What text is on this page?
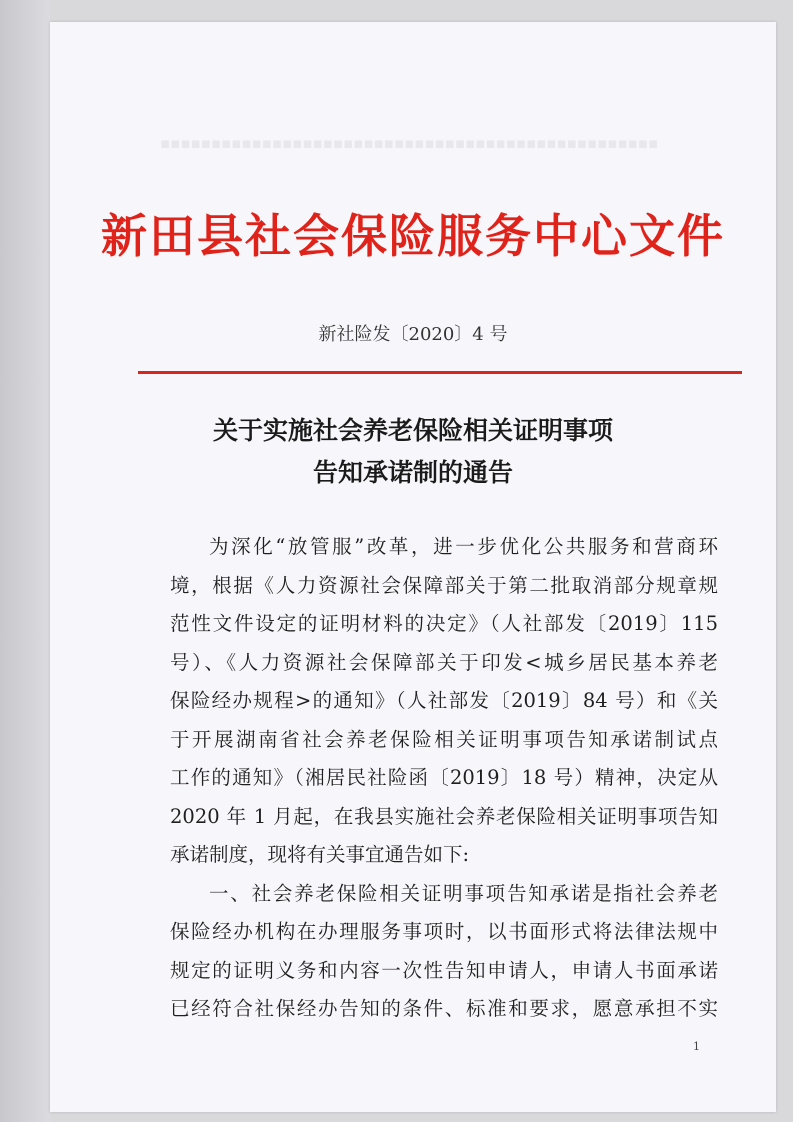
▪▪▪▪▪▪▪▪▪▪▪▪▪▪▪▪▪▪▪▪▪▪▪▪▪▪▪▪▪▪▪▪▪▪▪▪▪▪▪▪▪▪▪▪▪▪▪▪▪
新田县社会保险服务中心文件
新社险发〔2020〕4 号
关于实施社会养老保险相关证明事项
告知承诺制的通告
为深化“放管服”改革，进一步优化公共服务和营商环
境，根据《人力资源社会保障部关于第二批取消部分规章规
范性文件设定的证明材料的决定》（人社部发〔2019〕115
号）、《人力资源社会保障部关于印发<城乡居民基本养老
保险经办规程>的通知》（人社部发〔2019〕84 号）和《关
于开展湖南省社会养老保险相关证明事项告知承诺制试点
工作的通知》（湘居民社险函〔2019〕18 号）精神，决定从
2020 年 1 月起，在我县实施社会养老保险相关证明事项告知
承诺制度，现将有关事宜通告如下:
一、社会养老保险相关证明事项告知承诺是指社会养老
保险经办机构在办理服务事项时，以书面形式将法律法规中
规定的证明义务和内容一次性告知申请人，申请人书面承诺
已经符合社保经办告知的条件、标准和要求，愿意承担不实
1
